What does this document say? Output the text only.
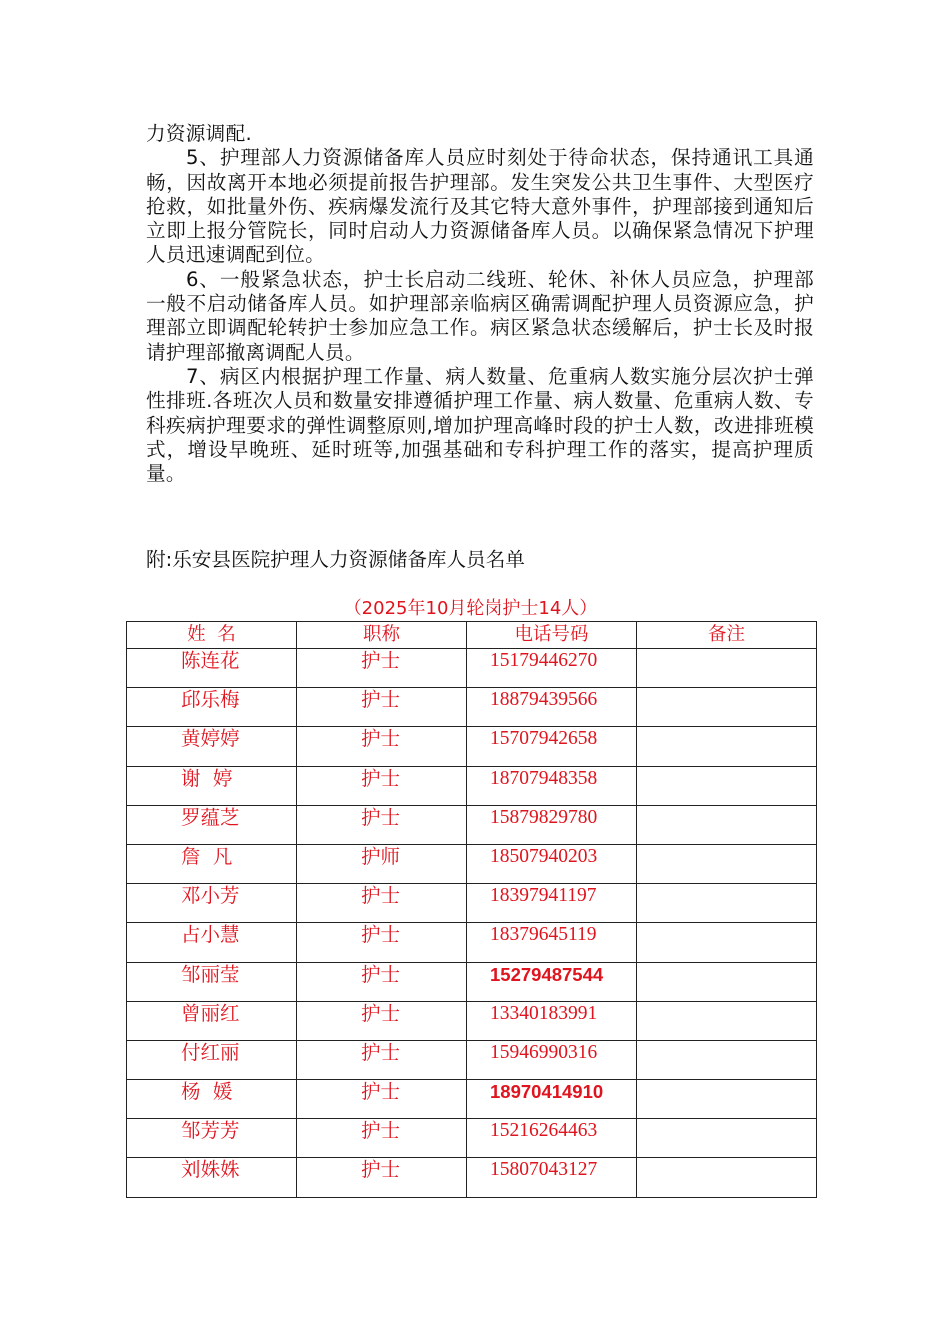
力资源调配.

5、护理部人力资源储备库人员应时刻处于待命状态，保持通讯工具通畅，因故离开本地必须提前报告护理部。发生突发公共卫生事件、大型医疗抢救，如批量外伤、疾病爆发流行及其它特大意外事件，护理部接到通知后立即上报分管院长，同时启动人力资源储备库人员。以确保紧急情况下护理人员迅速调配到位。

6、一般紧急状态，护士长启动二线班、轮休、补休人员应急，护理部一般不启动储备库人员。如护理部亲临病区确需调配护理人员资源应急，护理部立即调配轮转护士参加应急工作。病区紧急状态缓解后，护士长及时报请护理部撤离调配人员。

7、病区内根据护理工作量、病人数量、危重病人数实施分层次护士弹性排班.各班次人员和数量安排遵循护理工作量、病人数量、危重病人数、专科疾病护理要求的弹性调整原则,增加护理高峰时段的护士人数，改进排班模式，增设早晚班、延时班等,加强基础和专科护理工作的落实，提高护理质量。

附:乐安县医院护理人力资源储备库人员名单
（2025年10月轮岗护士14人）
姓  名	职称	电话号码	备注
陈连花	护士	15179446270	
邱乐梅	护士	18879439566	
黄婷婷	护士	15707942658	
谢  婷	护士	18707948358	
罗蕴芝	护士	15879829780	
詹  凡	护师	18507940203	
邓小芳	护士	18397941197	
占小慧	护士	18379645119	
邹丽莹	护士	15279487544	
曾丽红	护士	13340183991	
付红丽	护士	15946990316	
杨  媛	护士	18970414910	
邹芳芳	护士	15216264463	
刘姝姝	护士	15807043127	
